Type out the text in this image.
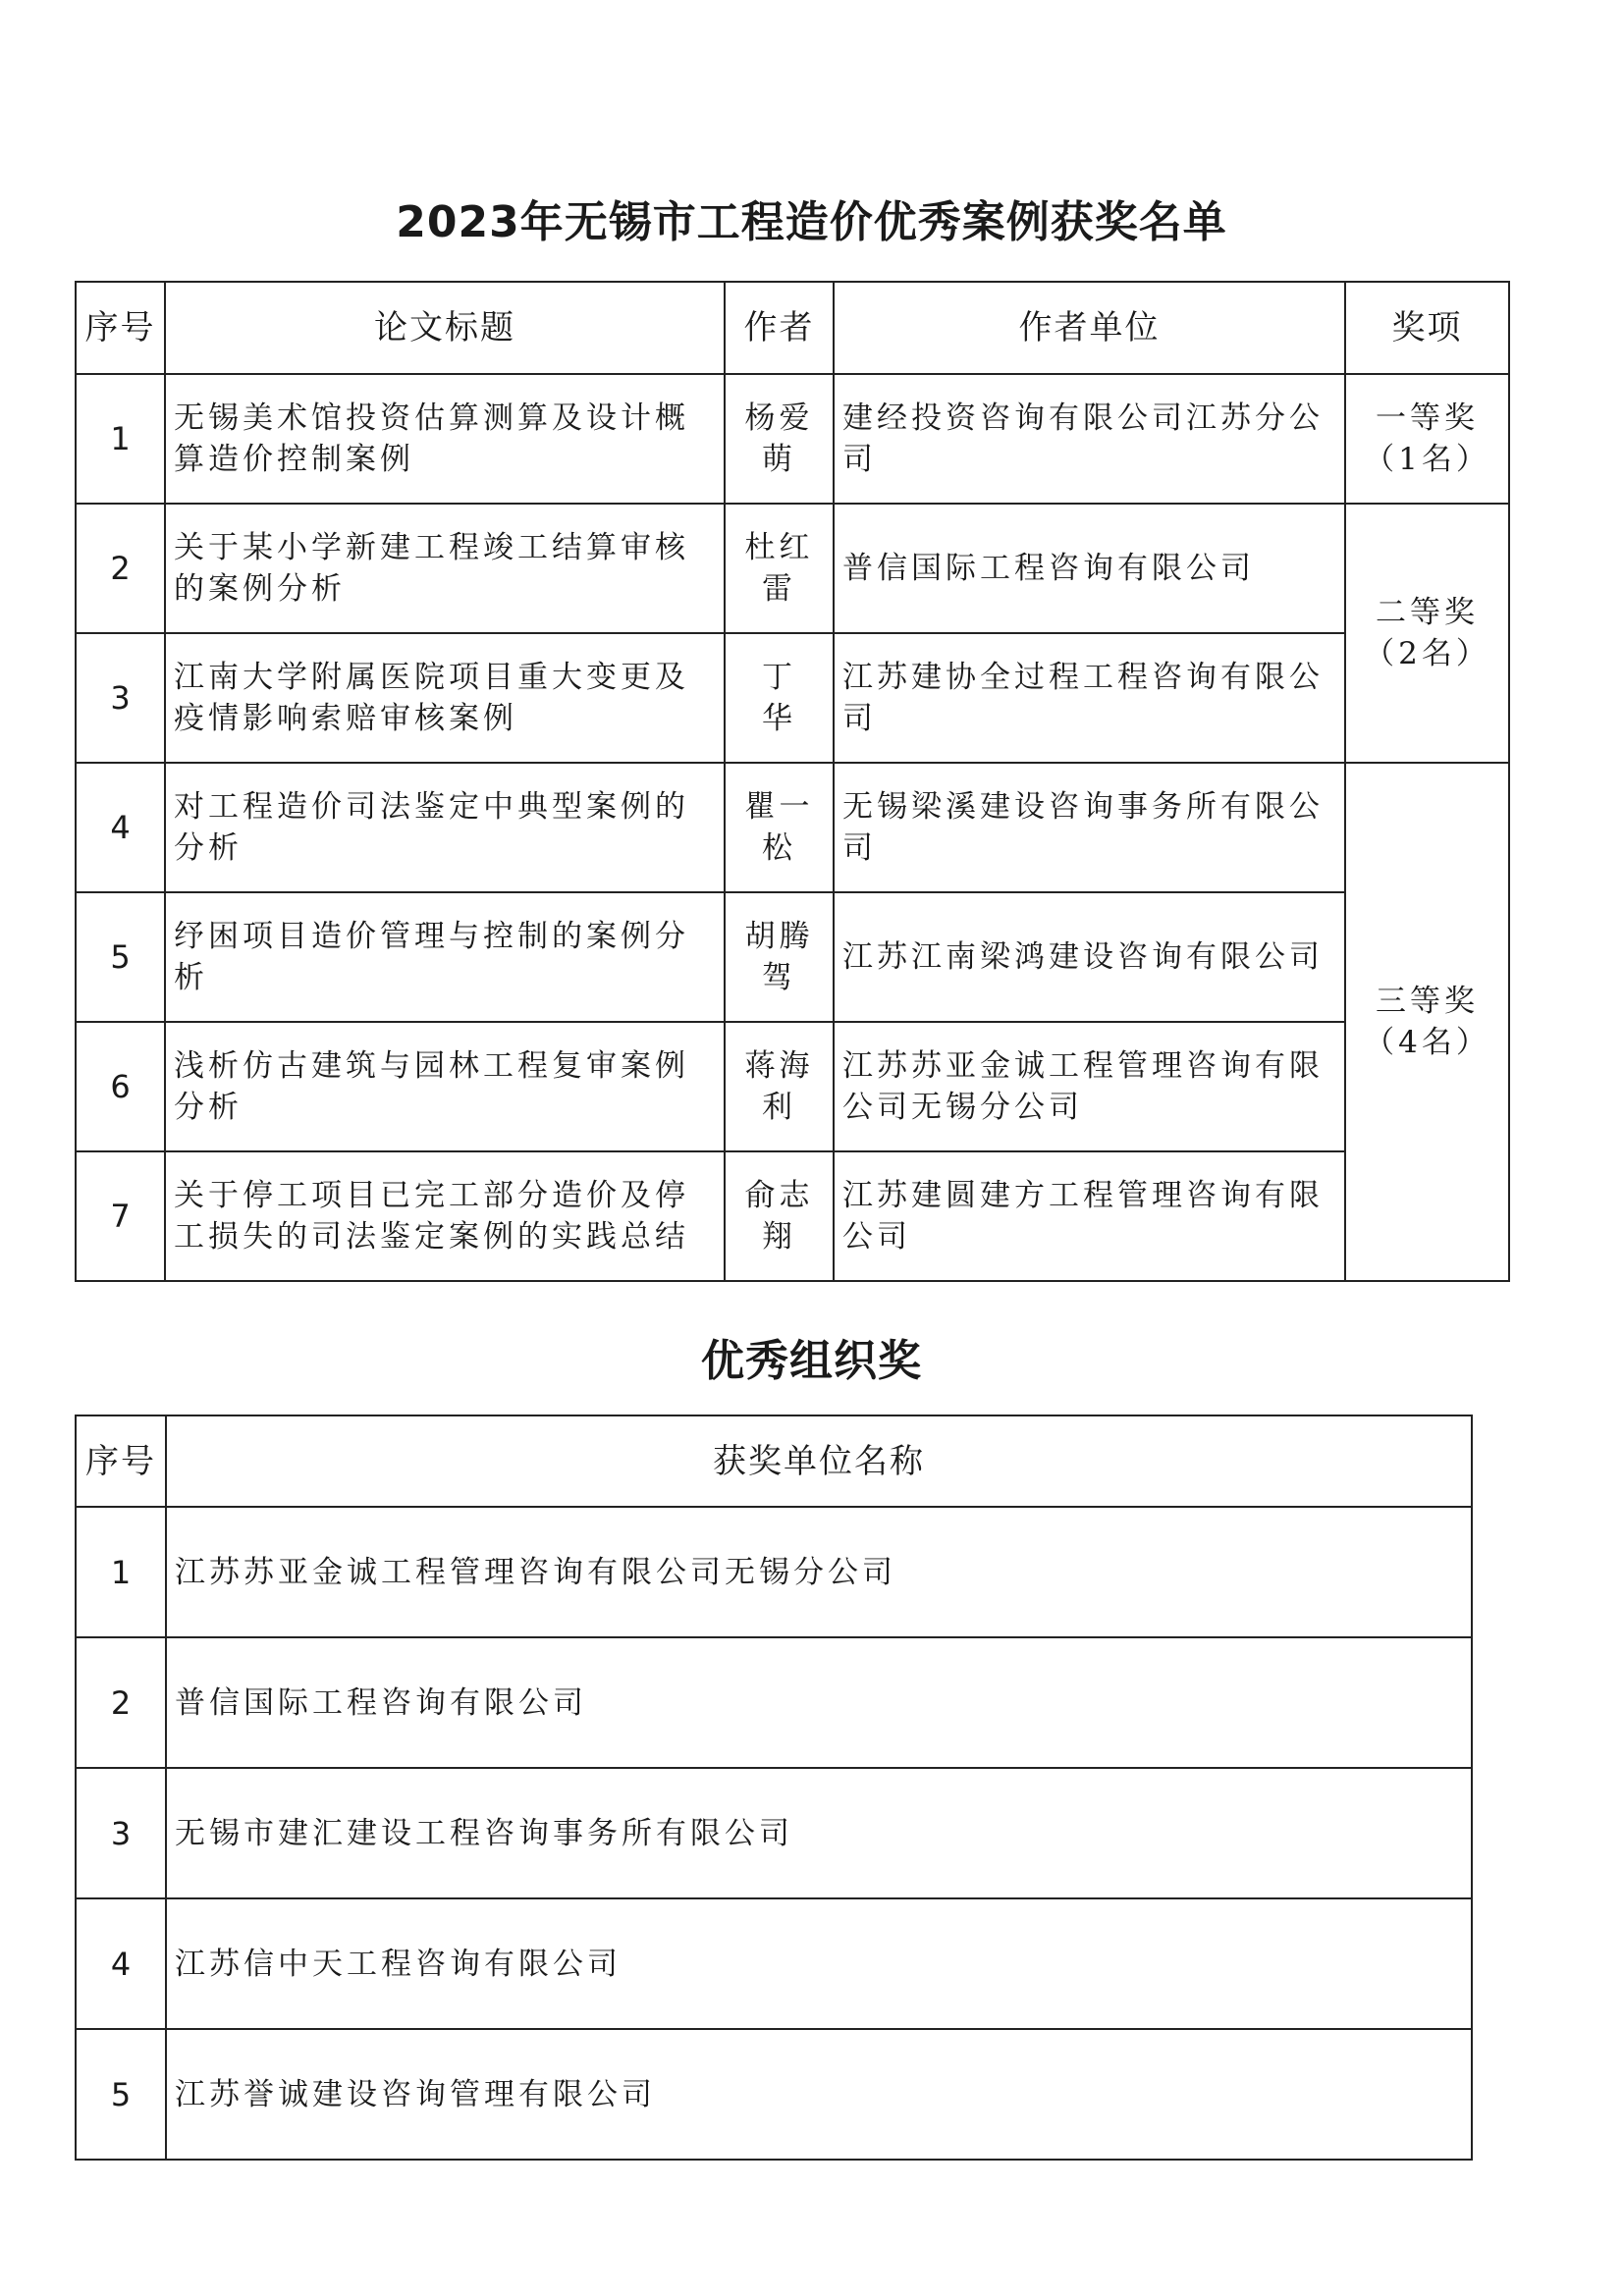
2023年无锡市工程造价优秀案例获奖名单
序号	论文标题	作者	作者单位	奖项
1	无锡美术馆投资估算测算及设计概算造价控制案例	杨爱萌	建经投资咨询有限公司江苏分公司	一等奖
（1名）

2	关于某小学新建工程竣工结算审核的案例分析	杜红雷	普信国际工程咨询有限公司	二等奖
（2名）

3	江南大学附属医院项目重大变更及疫情影响索赔审核案例	丁　华	江苏建协全过程工程咨询有限公司	
4	对工程造价司法鉴定中典型案例的分析	瞿一松	无锡梁溪建设咨询事务所有限公司	三等奖
（4名）

5	纾困项目造价管理与控制的案例分析	胡腾驾	江苏江南梁鸿建设咨询有限公司	
6	浅析仿古建筑与园林工程复审案例分析	蒋海利	江苏苏亚金诚工程管理咨询有限公司无锡分公司	
7	关于停工项目已完工部分造价及停工损失的司法鉴定案例的实践总结	俞志翔	江苏建圆建方工程管理咨询有限公司	
优秀组织奖
序号	获奖单位名称
1	江苏苏亚金诚工程管理咨询有限公司无锡分公司
2	普信国际工程咨询有限公司
3	无锡市建汇建设工程咨询事务所有限公司
4	江苏信中天工程咨询有限公司
5	江苏誉诚建设咨询管理有限公司
